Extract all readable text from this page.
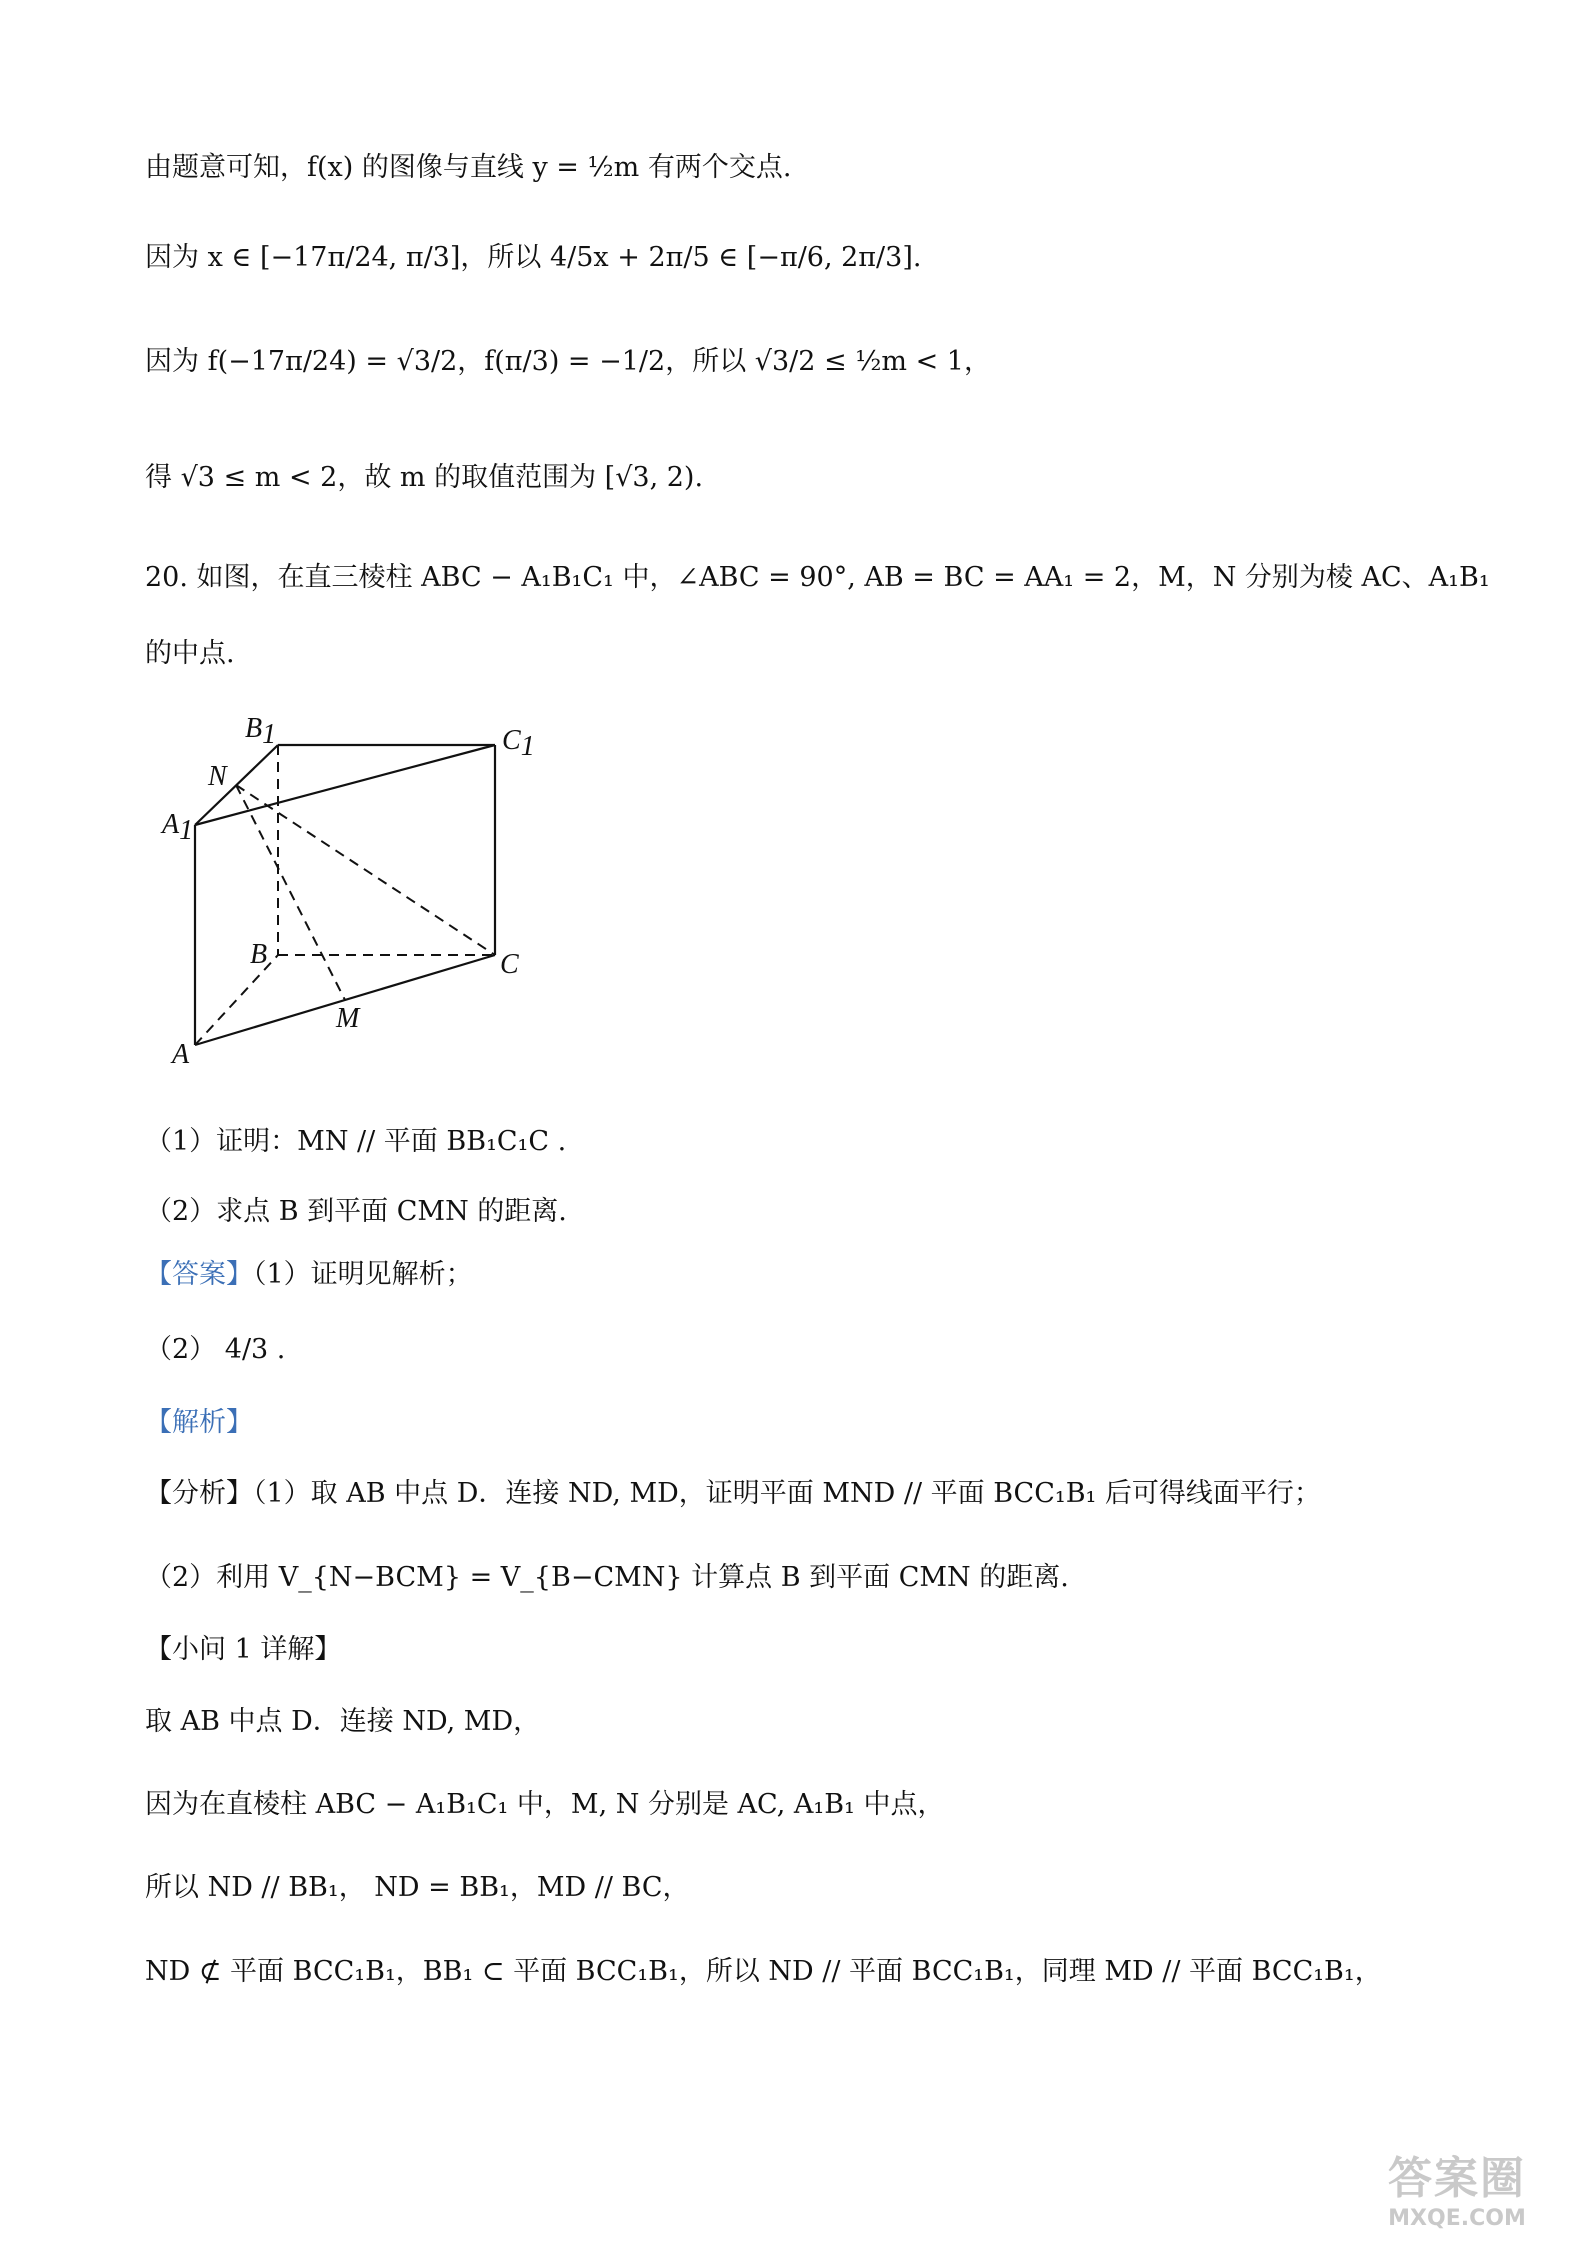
由题意可知，f(x) 的图像与直线 y = ½m 有两个交点.
因为 x ∈ [−17π/24, π/3]，所以 4/5x + 2π/5 ∈ [−π/6, 2π/3].
因为 f(−17π/24) = √3/2，f(π/3) = −1/2，所以 √3/2 ≤ ½m < 1，
得 √3 ≤ m < 2，故 m 的取值范围为 [√3, 2).
20. 如图，在直三棱柱 ABC − A₁B₁C₁ 中，∠ABC = 90°, AB = BC = AA₁ = 2，M，N 分别为棱 AC、A₁B₁
的中点.
B1	C1
N
A1
B	C
M
A
（1）证明：MN // 平面 BB₁C₁C .
（2）求点 B 到平面 CMN 的距离.
【答案】（1）证明见解析；
（2） 4/3 .
【解析】
【分析】（1）取 AB 中点 D．连接 ND, MD，证明平面 MND // 平面 BCC₁B₁ 后可得线面平行；
（2）利用 V_{N−BCM} = V_{B−CMN} 计算点 B 到平面 CMN 的距离.
【小问 1 详解】
取 AB 中点 D．连接 ND, MD，
因为在直棱柱 ABC − A₁B₁C₁ 中，M, N 分别是 AC, A₁B₁ 中点，
所以 ND // BB₁， ND = BB₁，MD // BC，
ND ⊄ 平面 BCC₁B₁，BB₁ ⊂ 平面 BCC₁B₁，所以 ND // 平面 BCC₁B₁，同理 MD // 平面 BCC₁B₁，
答案圈
MXQE.COM
